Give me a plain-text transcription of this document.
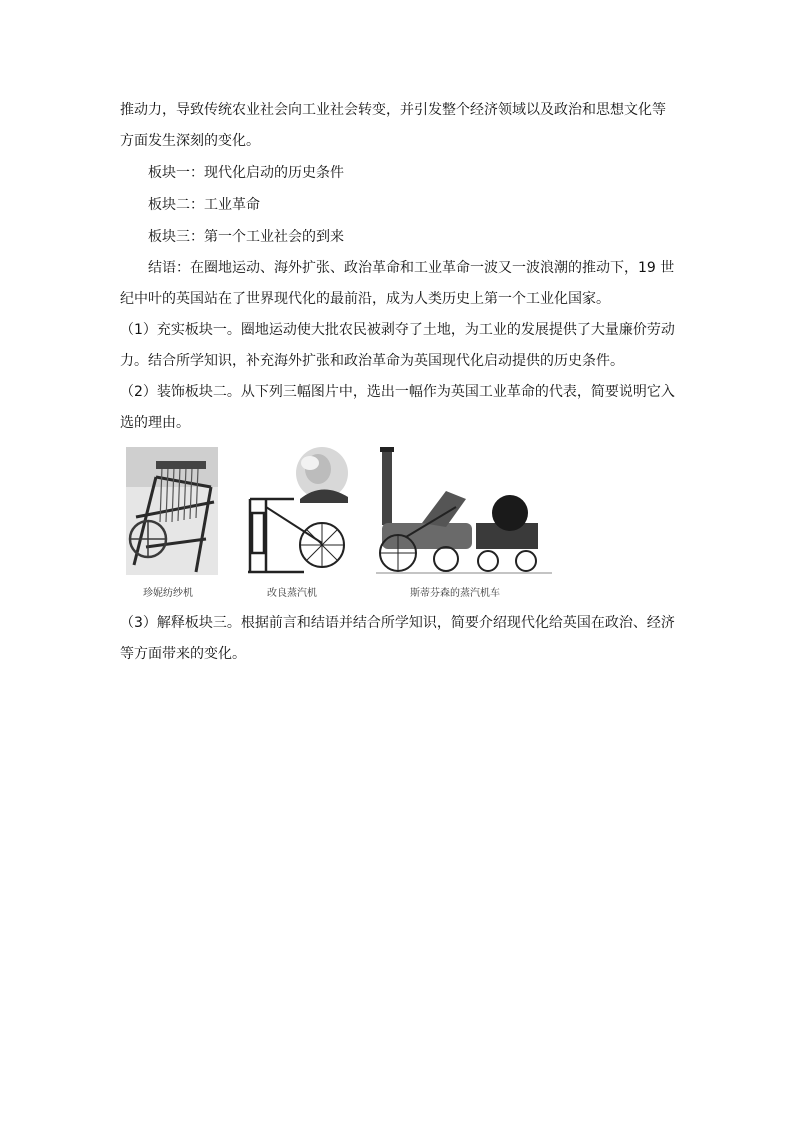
推动力，导致传统农业社会向工业社会转变，并引发整个经济领域以及政治和思想文化等
方面发生深刻的变化。
板块一：现代化启动的历史条件
板块二：工业革命
板块三：第一个工业社会的到来
结语：在圈地运动、海外扩张、政治革命和工业革命一波又一波浪潮的推动下，19 世
纪中叶的英国站在了世界现代化的最前沿，成为人类历史上第一个工业化国家。
（1）充实板块一。圈地运动使大批农民被剥夺了土地，为工业的发展提供了大量廉价劳动
力。结合所学知识，补充海外扩张和政治革命为英国现代化启动提供的历史条件。
（2）装饰板块二。从下列三幅图片中，选出一幅作为英国工业革命的代表，简要说明它入
选的理由。
珍妮纺纱机	改良蒸汽机	斯蒂芬森的蒸汽机车
（3）解释板块三。根据前言和结语并结合所学知识，简要介绍现代化给英国在政治、经济
等方面带来的变化。
